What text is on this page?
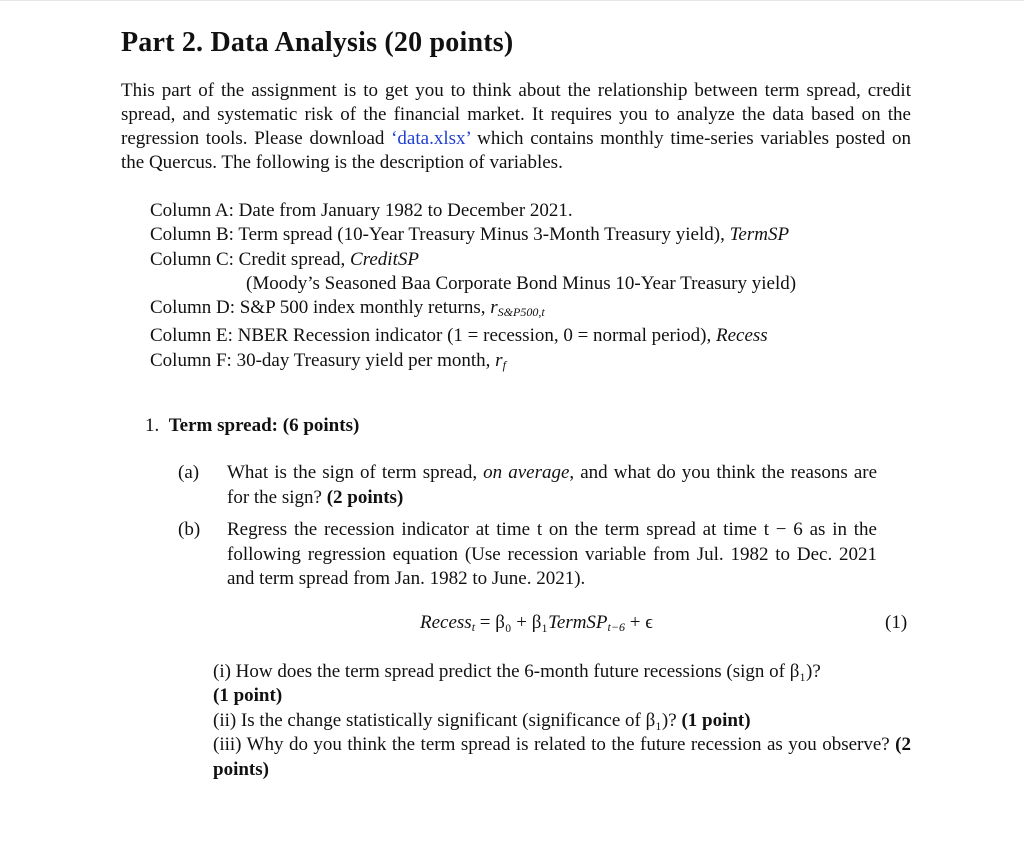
Part 2. Data Analysis (20 points)

This part of the assignment is to get you to think about the relationship between term spread, credit spread, and systematic risk of the financial market. It requires you to analyze the data based on the regression tools. Please download ‘data.xlsx’ which contains monthly time-series variables posted on the Quercus. The following is the description of variables.

Column A: Date from January 1982 to December 2021.
Column B: Term spread (10-Year Treasury Minus 3-Month Treasury yield), TermSP
Column C: Credit spread, CreditSP
(Moody’s Seasoned Baa Corporate Bond Minus 10-Year Treasury yield)
Column D: S&P 500 index monthly returns, rS&P500,t
Column E: NBER Recession indicator (1 = recession, 0 = normal period), Recess
Column F: 30-day Treasury yield per month, rf
1. Term spread: (6 points)
(a) What is the sign of term spread, on average, and what do you think the reasons are for the sign? (2 points)
(b) Regress the recession indicator at time t on the term spread at time t − 6 as in the following regression equation (Use recession variable from Jul. 1982 to Dec. 2021 and term spread from Jan. 1982 to June. 2021).
Recesst = β₀ + β₁TermSPt−6 + ϵ	(1)
(i) How does the term spread predict the 6-month future recessions (sign of β₁)?
(1 point)
(ii) Is the change statistically significant (significance of β₁)? (1 point)
(iii) Why do you think the term spread is related to the future recession as you observe? (2 points)
